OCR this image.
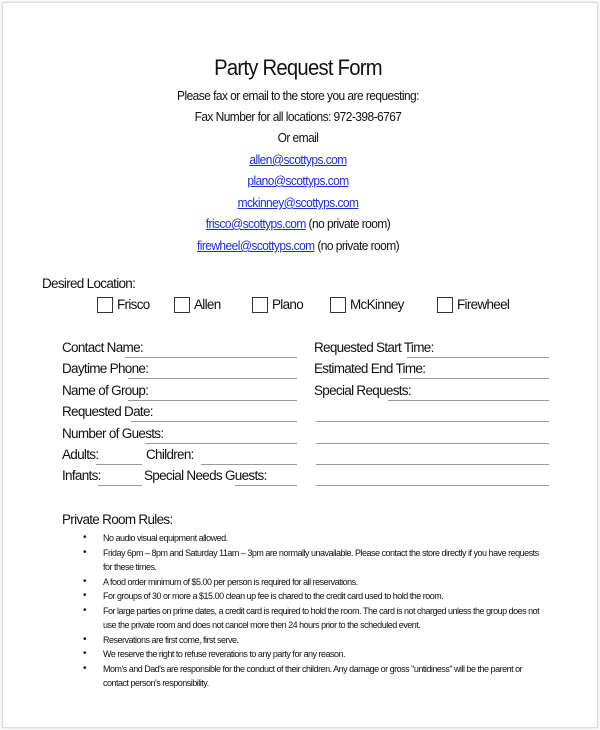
Party Request Form
Please fax or email to the store you are requesting:
Fax Number for all locations: 972-398-6767
Or email
allen@scottyps.com
plano@scottyps.com
mckinney@scottyps.com
frisco@scottyps.com (no private room)
firewheel@scottyps.com (no private room)
Desired Location:
Frisco	Allen	Plano	McKinney	Firewheel
Contact Name:
Daytime Phone:
Name of Group:
Requested Date:
Number of Guests:
Adults:	Children:
Infants:	Special Needs Guests:
Requested Start Time:
Estimated End Time:
Special Requests:
Private Room Rules:
• No audio visual equipment allowed.
• Friday 6pm – 8pm and Saturday 11am – 3pm are normally unavailable. Please contact the store directly if you have requests for these times.
• A food order minimum of $5.00 per person is required for all reservations.
• For groups of 30 or more a $15.00 clean up fee is chared to the credit card used to hold the room.
• For large parties on prime dates, a credit card is required to hold the room. The card is not charged unless the group does not use the private room and does not cancel more then 24 hours prior to the scheduled event.
• Reservations are first come, first serve.
• We reserve the right to refuse reverations to any party for any reason.
• Mom's and Dad's are responsible for the conduct of their children. Any damage or gross "untidiness" will be the parent or contact person's responsibility.
